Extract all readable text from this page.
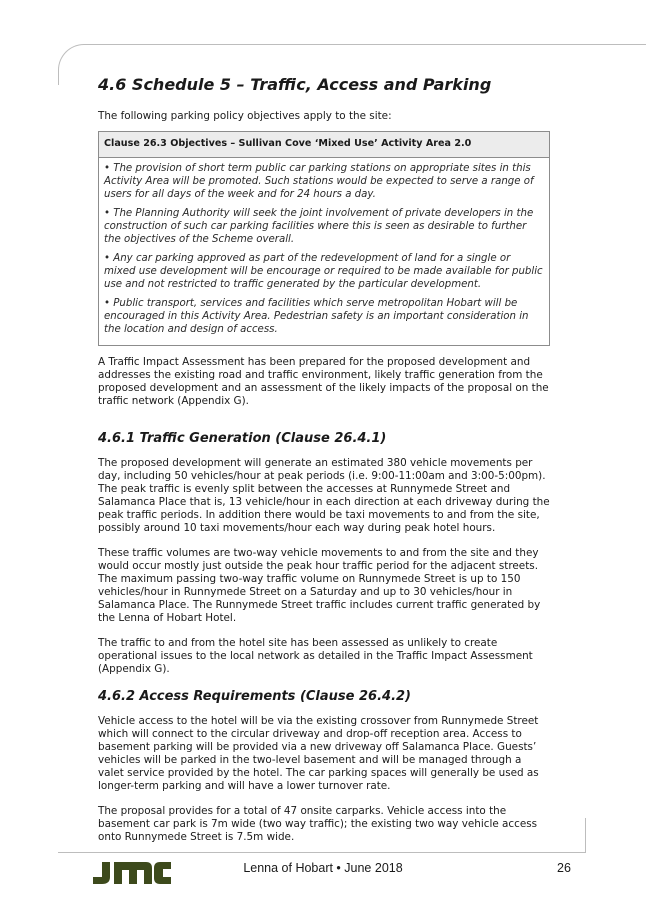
4.6 Schedule 5 – Traffic, Access and Parking

The following parking policy objectives apply to the site:

Clause 26.3 Objectives – Sullivan Cove ‘Mixed Use’ Activity Area 2.0

• The provision of short term public car parking stations on appropriate sites in this Activity Area will be promoted. Such stations would be expected to serve a range of users for all days of the week and for 24 hours a day.

• The Planning Authority will seek the joint involvement of private developers in the construction of such car parking facilities where this is seen as desirable to further the objectives of the Scheme overall.

• Any car parking approved as part of the redevelopment of land for a single or mixed use development will be encourage or required to be made available for public use and not restricted to traffic generated by the particular development.

• Public transport, services and facilities which serve metropolitan Hobart will be encouraged in this Activity Area. Pedestrian safety is an important consideration in the location and design of access.

A Traffic Impact Assessment has been prepared for the proposed development and addresses the existing road and traffic environment, likely traffic generation from the proposed development and an assessment of the likely impacts of the proposal on the traffic network (Appendix G).

4.6.1 Traffic Generation (Clause 26.4.1)

The proposed development will generate an estimated 380 vehicle movements per day, including 50 vehicles/hour at peak periods (i.e. 9:00-11:00am and 3:00-5:00pm). The peak traffic is evenly split between the accesses at Runnymede Street and Salamanca Place that is, 13 vehicle/hour in each direction at each driveway during the peak traffic periods. In addition there would be taxi movements to and from the site, possibly around 10 taxi movements/hour each way during peak hotel hours.

These traffic volumes are two-way vehicle movements to and from the site and they would occur mostly just outside the peak hour traffic period for the adjacent streets. The maximum passing two-way traffic volume on Runnymede Street is up to 150 vehicles/hour in Runnymede Street on a Saturday and up to 30 vehicles/hour in Salamanca Place. The Runnymede Street traffic includes current traffic generated by the Lenna of Hobart Hotel.

The traffic to and from the hotel site has been assessed as unlikely to create operational issues to the local network as detailed in the Traffic Impact Assessment (Appendix G).

4.6.2 Access Requirements (Clause 26.4.2)

Vehicle access to the hotel will be via the existing crossover from Runnymede Street which will connect to the circular driveway and drop-off reception area. Access to basement parking will be provided via a new driveway off Salamanca Place. Guests’ vehicles will be parked in the two-level basement and will be managed through a valet service provided by the hotel. The car parking spaces will generally be used as longer-term parking and will have a lower turnover rate.

The proposal provides for a total of 47 onsite carparks. Vehicle access into the basement car park is 7m wide (two way traffic); the existing two way vehicle access onto Runnymede Street is 7.5m wide.

Lenna of Hobart • June 2018	26
